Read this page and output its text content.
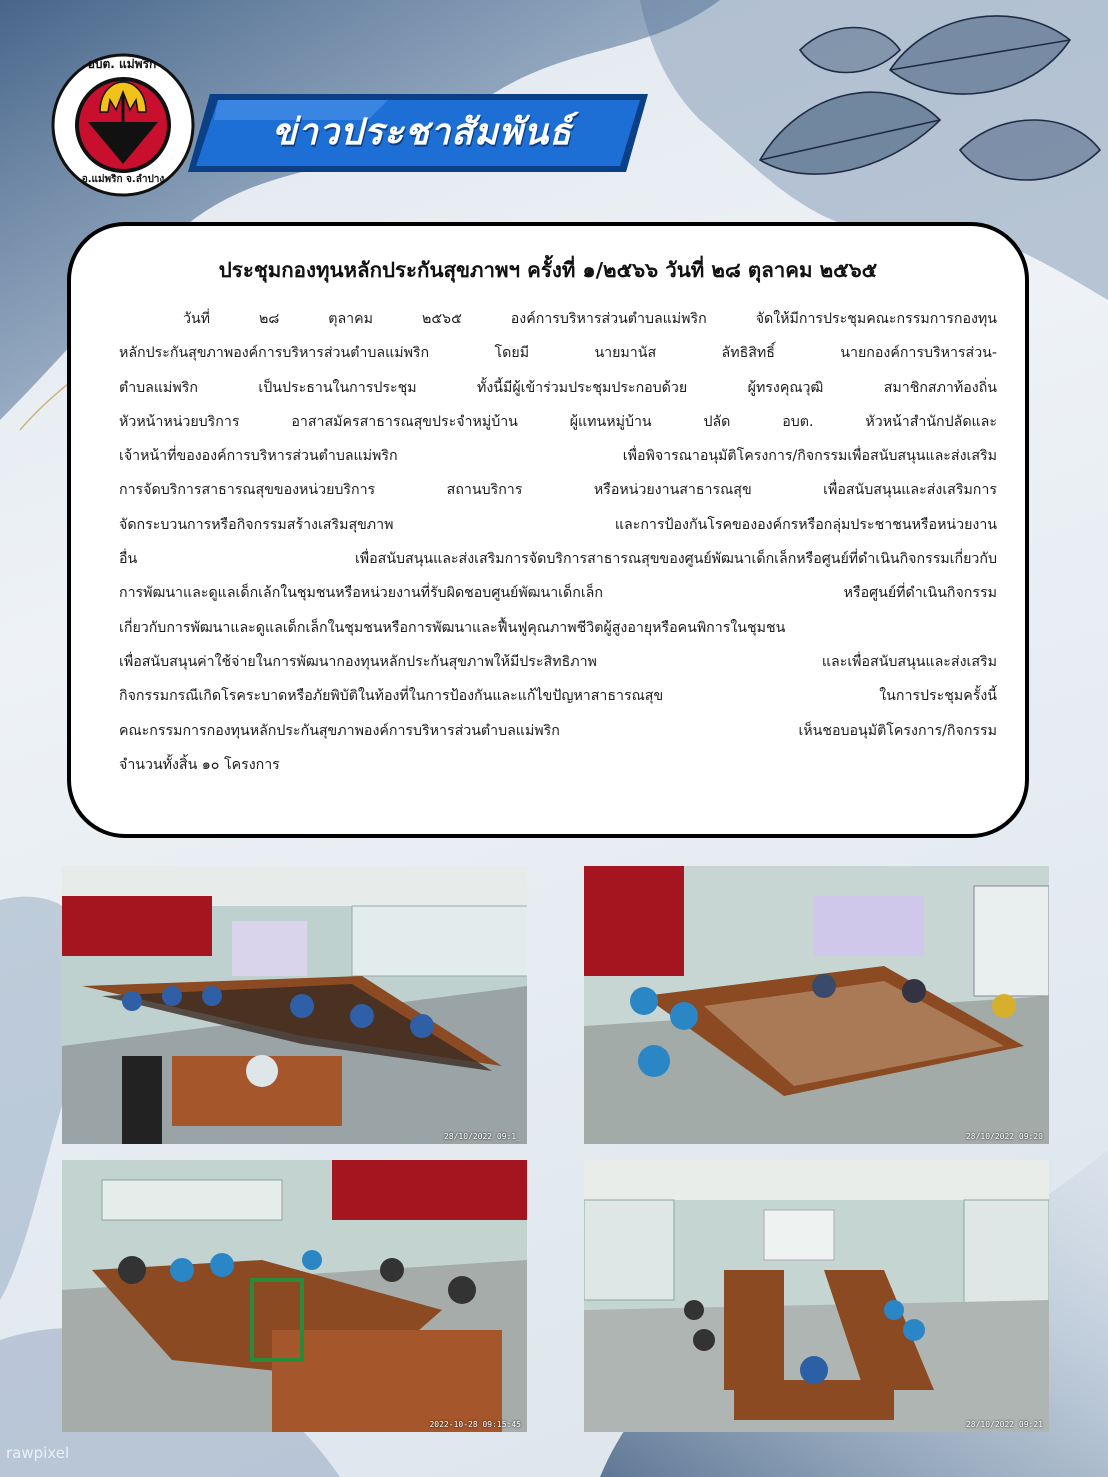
อบต. แม่พริก
อ.แม่พริก จ.ลำปาง
ข่าวประชาสัมพันธ์
ประชุมกองทุนหลักประกันสุขภาพฯ ครั้งที่ ๑/๒๕๖๖ วันที่ ๒๘ ตุลาคม ๒๕๖๕
วันที่ ๒๘ ตุลาคม ๒๕๖๕ องค์การบริหารส่วนตำบลแม่พริก จัดให้มีการประชุมคณะกรรมการกองทุน
หลักประกันสุขภาพองค์การบริหารส่วนตำบลแม่พริก โดยมี นายมานัส ลัทธิสิทธิ์ นายกองค์การบริหารส่วน-
ตำบลแม่พริก เป็นประธานในการประชุม ทั้งนี้มีผู้เข้าร่วมประชุมประกอบด้วย ผู้ทรงคุณวุฒิ สมาชิกสภาท้องถิ่น
หัวหน้าหน่วยบริการ อาสาสมัครสาธารณสุขประจำหมู่บ้าน ผู้แทนหมู่บ้าน ปลัด อบต. หัวหน้าสำนักปลัดและ
เจ้าหน้าที่ขององค์การบริหารส่วนตำบลแม่พริก เพื่อพิจารณาอนุมัติโครงการ/กิจกรรมเพื่อสนับสนุนและส่งเสริม
การจัดบริการสาธารณสุขของหน่วยบริการ สถานบริการ หรือหน่วยงานสาธารณสุข เพื่อสนับสนุนและส่งเสริมการ
จัดกระบวนการหรือกิจกรรมสร้างเสริมสุขภาพ และการป้องกันโรคขององค์กรหรือกลุ่มประชาชนหรือหน่วยงาน
อื่น เพื่อสนับสนุนและส่งเสริมการจัดบริการสาธารณสุขของศูนย์พัฒนาเด็กเล็กหรือศูนย์ที่ดำเนินกิจกรรมเกี่ยวกับ
การพัฒนาและดูแลเด็กเล้กในชุมชนหรือหน่วยงานที่รับผิดชอบศูนย์พัฒนาเด็กเล็ก หรือศูนย์ที่ดำเนินกิจกรรม
เกี่ยวกับการพัฒนาและดูแลเด็กเล็กในชุมชนหรือการพัฒนาและฟื้นฟูคุณภาพชีวิตผู้สูงอายุหรือคนพิการในชุมชน
เพื่อสนับสนุนค่าใช้จ่ายในการพัฒนากองทุนหลักประกันสุขภาพให้มีประสิทธิภาพ และเพื่อสนับสนุนและส่งเสริม
กิจกรรมกรณีเกิดโรคระบาดหรือภัยพิบัติในท้องที่ในการป้องกันและแก้ไขปัญหาสาธารณสุข ในการประชุมครั้งนี้
คณะกรรมการกองทุนหลักประกันสุขภาพองค์การบริหารส่วนตำบลแม่พริก เห็นชอบอนุมัติโครงการ/กิจกรรม
จำนวนทั้งสิ้น ๑๐ โครงการ
28/10/2022 09:1_	28/10/2022 09:20
2022-10-28 09:15:45	28/10/2022 09:21
rawpixel
